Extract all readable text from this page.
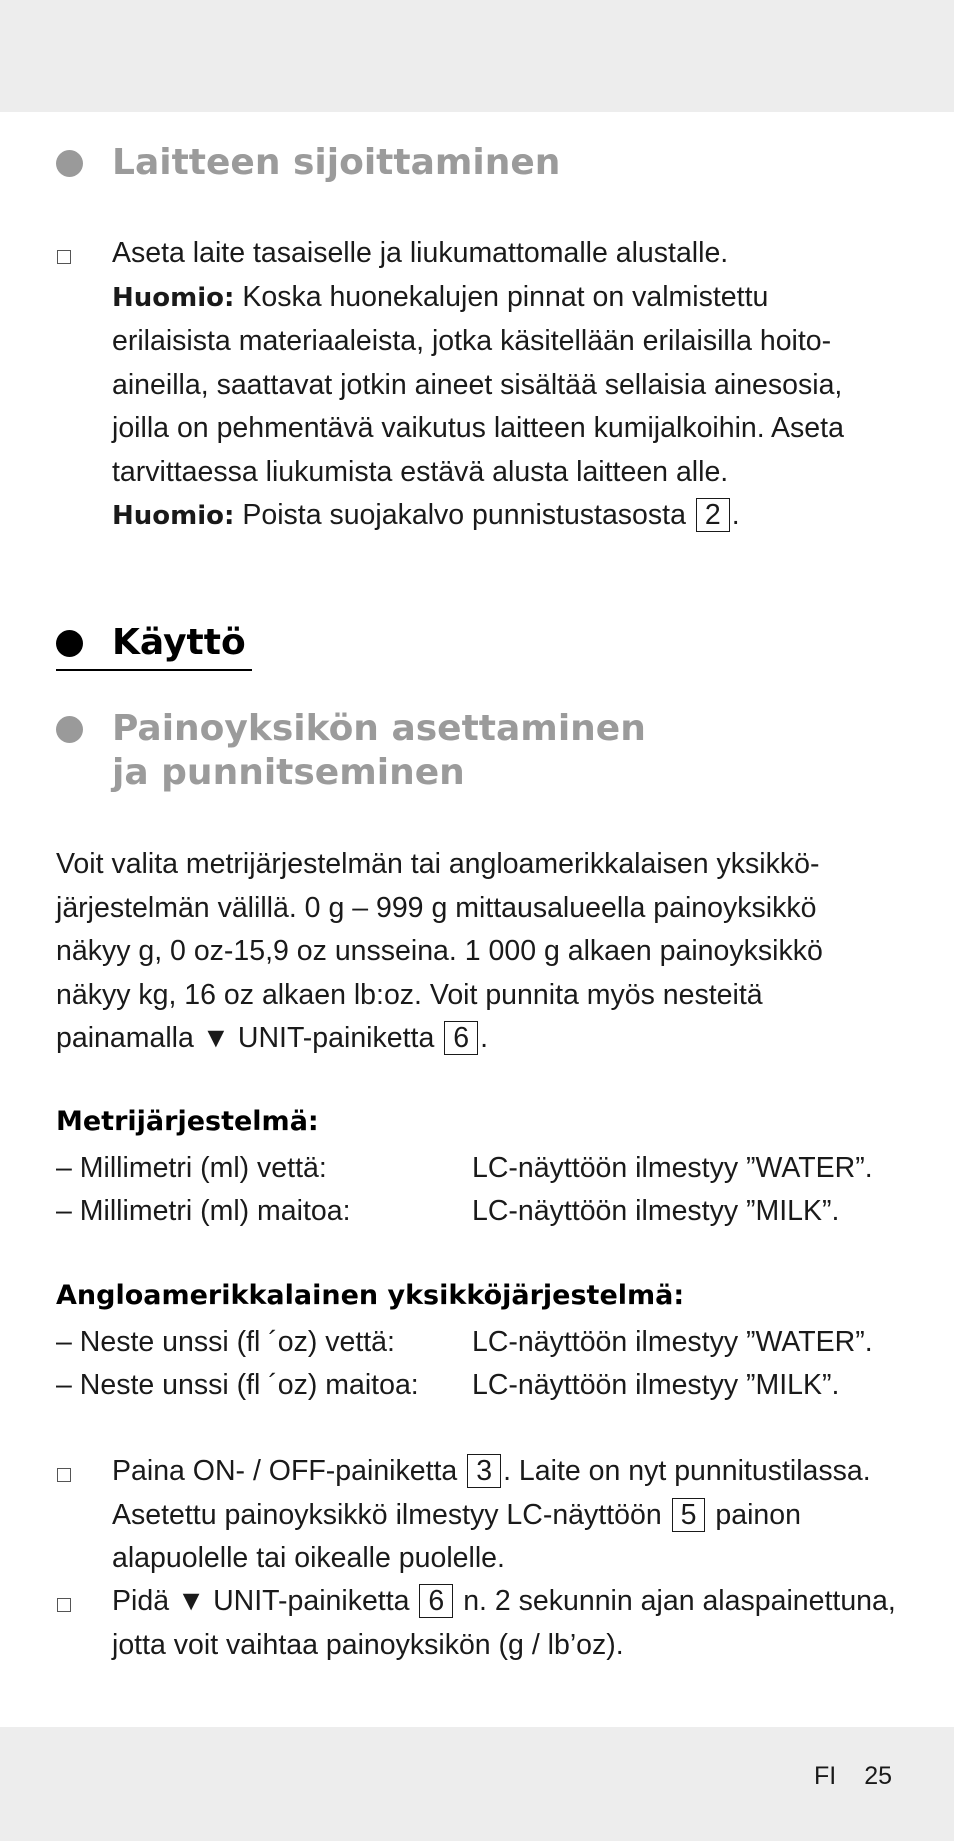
Laitteen sijoittaminen
Aseta laite tasaiselle ja liukumattomalle alustalle.
Huomio: Koska huonekalujen pinnat on valmistettu
erilaisista materiaaleista, jotka käsitellään erilaisilla hoito-
aineilla, saattavat jotkin aineet sisältää sellaisia ainesosia,
joilla on pehmentävä vaikutus laitteen kumijalkoihin. Aseta
tarvittaessa liukumista estävä alusta laitteen alle.
Huomio: Poista suojakalvo punnistustasosta 2 .
Käyttö
Painoyksikön asettaminen
ja punnitseminen
Voit valita metrijärjestelmän tai angloamerikkalaisen yksikkö-
järjestelmän välillä. 0 g – 999 g mittausalueella painoyksikkö
näkyy g, 0 oz-15,9 oz unsseina. 1 000 g alkaen painoyksikkö
näkyy kg, 16 oz alkaen lb:oz. Voit punnita myös nesteitä
painamalla ▼ UNIT-painiketta 6 .
Metrijärjestelmä:
– Millimetri (ml) vettä:	LC-näyttöön ilmestyy ”WATER”.
– Millimetri (ml) maitoa:	LC-näyttöön ilmestyy ”MILK”.
Angloamerikkalainen yksikköjärjestelmä:
– Neste unssi (fl ´oz) vettä:	LC-näyttöön ilmestyy ”WATER”.
– Neste unssi (fl ´oz) maitoa: LC-näyttöön ilmestyy ”MILK”.
Paina ON- / OFF-painiketta 3 . Laite on nyt punnitustilassa.
Asetettu painoyksikkö ilmestyy LC-näyttöön 5 painon
alapuolelle tai oikealle puolelle.
Pidä ▼ UNIT-painiketta 6 n. 2 sekunnin ajan alaspainettuna,
jotta voit vaihtaa painoyksikön (g / lb’oz).
FI 25
